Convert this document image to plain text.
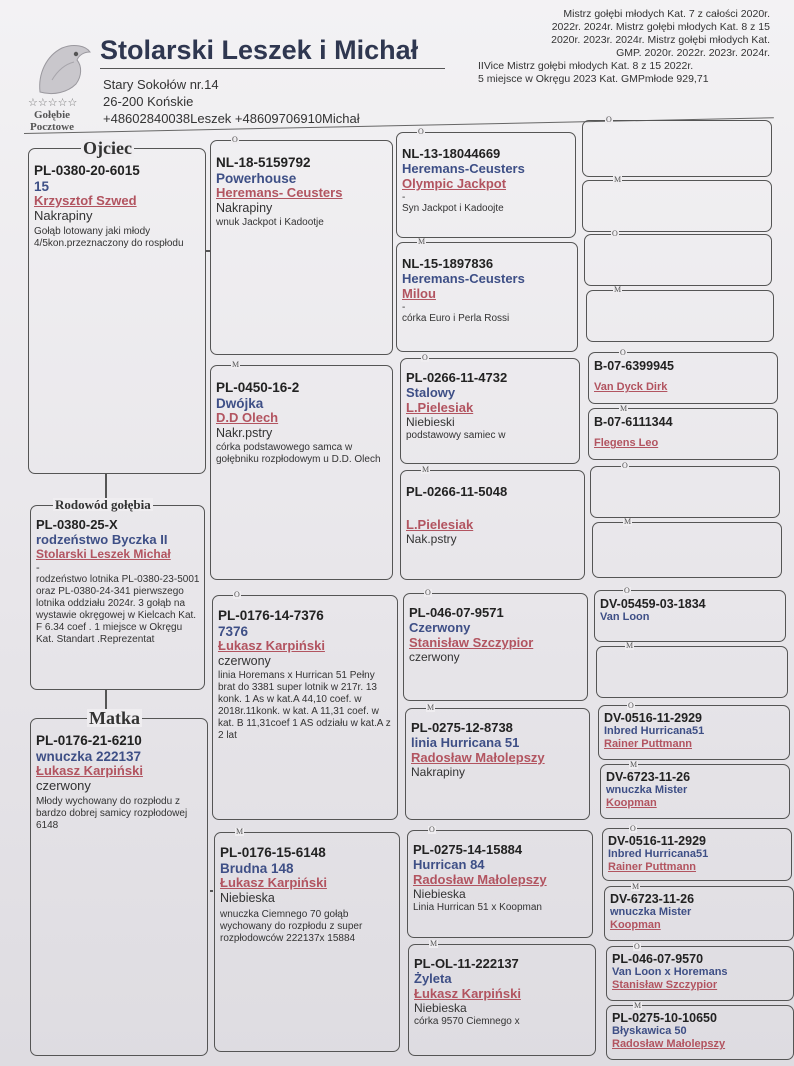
☆☆☆☆☆
Gołębie
Pocztowe
Stolarski Leszek i Michał
Stary Sokołów nr.14
26-200 Końskie
+48602840038Leszek +48609706910Michał
Mistrz gołębi młodych Kat. 7 z całości 2020r.
2022r. 2024r. Mistrz gołębi młodych Kat. 8 z 15
2020r. 2023r. 2024r. Mistrz gołębi młodych Kat.
GMP. 2020r. 2022r. 2023r. 2024r.
IIVice Mistrz gołębi młodych Kat. 8 z 15 2022r.
5 miejsce w Okręgu 2023 Kat. GMPmłode 929,71
Ojciec
PL-0380-20-6015
15
Krzysztof Szwed
Nakrapiny
Gołąb lotowany jaki młody 4/5kon.przeznaczony do rospłodu
Rodowód gołębia
PL-0380-25-X
rodzeństwo Byczka II
Stolarski Leszek Michał
-
rodzeństwo lotnika PL-0380-23-5001 oraz PL-0380-24-341 pierwszego lotnika oddziału 2024r. 3 gołąb na wystawie okręgowej w Kielcach Kat. F 6.34 coef . 1 miejsce w Okręgu Kat. Standart .Reprezentat
Matka
PL-0176-21-6210
wnuczka 222137
Łukasz Karpiński
czerwony
Młody wychowany do rozpłodu z bardzo dobrej samicy rozpłodowej 6148
O
NL-18-5159792
Powerhouse
Heremans- Ceusters
Nakrapiny
wnuk Jackpot i Kadootje
M
PL-0450-16-2
Dwójka
D.D Olech
Nakr.pstry
córka podstawowego samca w gołębniku rozpłodowym u D.D. Olech
O
PL-0176-14-7376
7376
Łukasz Karpiński
czerwony
linia Horemans x Hurrican 51 Pełny brat do 3381 super lotnik w 217r. 13 konk. 1 As w kat.A 44,10 coef. w 2018r.11konk. w kat. A 11,31 coef. w kat. B 11,31coef 1 AS odziału w kat.A z 2 lat
M
PL-0176-15-6148
Brudna 148
Łukasz Karpiński
Niebieska
wnuczka Ciemnego 70 gołąb wychowany do rozpłodu z super rozpłodowców 222137x 15884
O
NL-13-18044669
Heremans-Ceusters
Olympic Jackpot
-
Syn Jackpot i Kadoojte
M
NL-15-1897836
Heremans-Ceusters
Milou
-
córka Euro i Perla Rossi
O
PL-0266-11-4732
Stalowy
L.Pielesiak
Niebieski
podstawowy samiec w
M
PL-0266-11-5048
L.Pielesiak
Nak.pstry
O
PL-046-07-9571
Czerwony
Stanisław Szczypior
czerwony
M
PL-0275-12-8738
linia Hurricana 51
Radosław Małolepszy
Nakrapiny
O
PL-0275-14-15884
Hurrican 84
Radosław Małolepszy
Niebieska
Linia Hurrican 51 x Koopman
M
PL-OL-11-222137
Żyleta
Łukasz Karpiński
Niebieska
córka 9570 Ciemnego x
O
M
O
M
O
B-07-6399945
Van Dyck Dirk
M
B-07-6111344
Flegens Leo
O
M
O
DV-05459-03-1834
Van Loon
M
O
DV-0516-11-2929
Inbred Hurricana51
Rainer Puttmann
M
DV-6723-11-26
wnuczka Mister
Koopman
O
DV-0516-11-2929
Inbred Hurricana51
Rainer Puttmann
M
DV-6723-11-26
wnuczka Mister
Koopman
O
PL-046-07-9570
Van Loon x Horemans
Stanisław Szczypior
M
PL-0275-10-10650
Błyskawica 50
Radosław Małolepszy
